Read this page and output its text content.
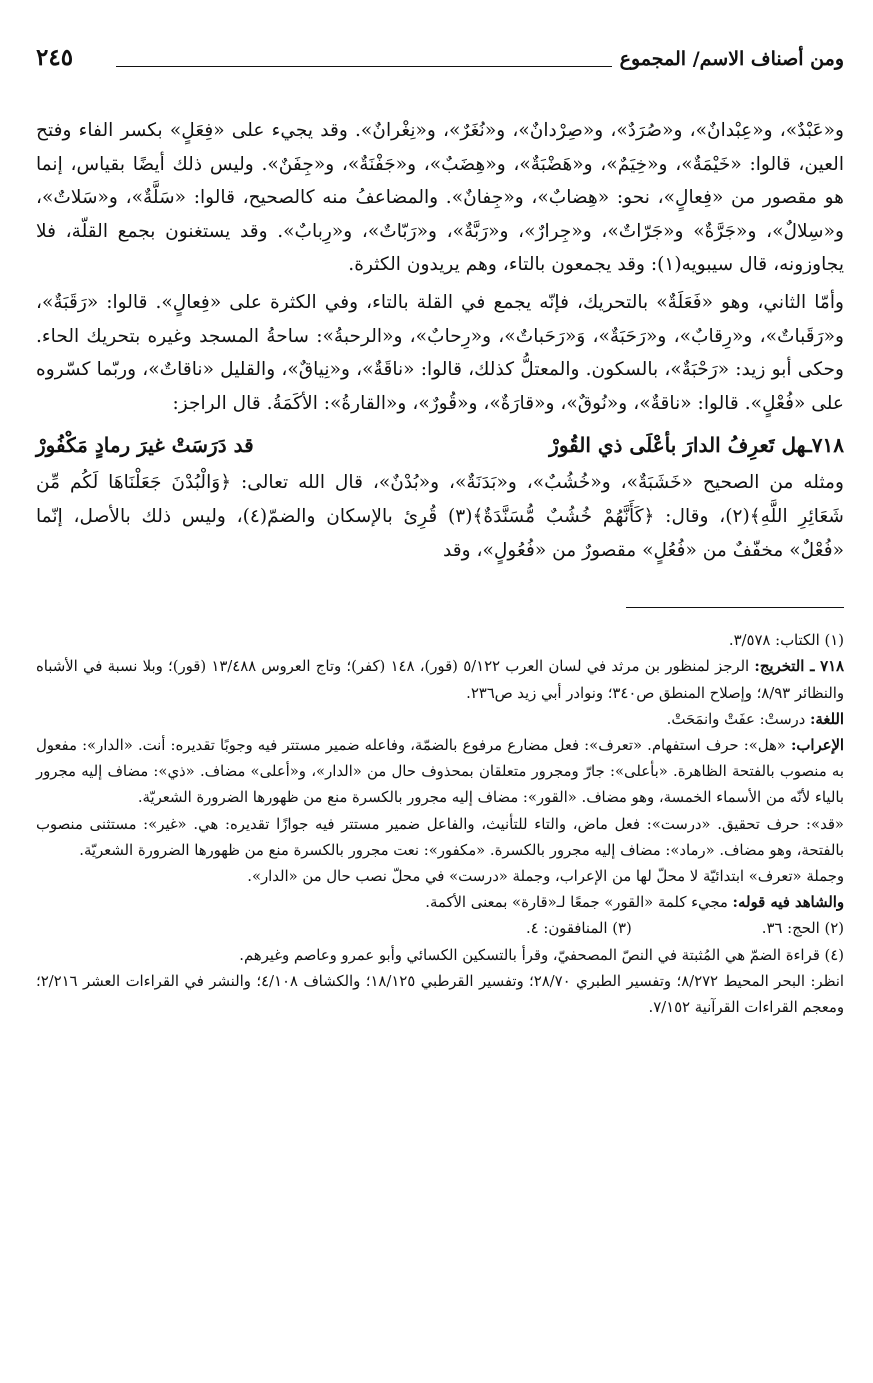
ومن أصناف الاسم/ المجموع
٢٤٥

و«عَبْدٌ»، و«عِبْدانٌ»، و«صُرَدٌ»، و«صِرْدانٌ»، و«نُغَرٌ»، و«نِغْرانٌ». وقد يجيء على «فِعَلٍ» بكسر الفاء وفتح العين، قالوا: «خَيْمَةٌ»، و«خِيَمٌ»، و«هَضْبَةٌ»، و«هِضَبٌ»، و«جَفْنَةٌ»، و«جِفَنٌ». وليس ذلك أيضًا بقياس، إنما هو مقصور من «فِعالٍ»، نحو: «هِضابٌ»، و«جِفانٌ». والمضاعفُ منه كالصحيح، قالوا: «سَلَّةٌ»، و«سَلاتٌ»، و«سِلالٌ»، و«جَرَّةٌ» و«جَرّاتٌ»، و«جِرارٌ»، و«رَبَّةٌ»، و«رَبّاتٌ»، و«رِبابٌ». وقد يستغنون بجمع القلّة، فلا يجاوزونه، قال سيبويه(١): وقد يجمعون بالتاء، وهم يريدون الكثرة.

وأمّا الثاني، وهو «فَعَلَةٌ» بالتحريك، فإنّه يجمع في القلة بالتاء، وفي الكثرة على «فِعالٍ». قالوا: «رَقَبَةٌ»، و«رَقَباتٌ»، و«رِقابٌ»، و«رَحَبَةٌ»، وَ«رَحَباتٌ»، و«رِحابٌ»، و«الرحبةُ»: ساحةُ المسجد وغيره بتحريك الحاء. وحكى أبو زيد: «رَحْبَةٌ»، بالسكون. والمعتلُّ كذلك، قالوا: «ناقَةٌ»، و«نِياقٌ»، والقليل «ناقاتٌ»، وربّما كسّروه على «فُعْلٍ». قالوا: «ناقةٌ»، و«نُوقٌ»، و«قارَةٌ»، و«قُورٌ»، و«القارةُ»: الأكَمَةُ. قال الراجز:

٧١٨ـهل تَعرِفُ الدارَ بأعْلَى ذي القُورْ
قد دَرَسَتْ غيرَ رمادٍ مَكْفُورْ

ومثله من الصحيح «خَشَبَةٌ»، و«خُشُبٌ»، و«بَدَنَةٌ»، و«بُدْنٌ»، قال الله تعالى: ﴿وَالْبُدْنَ جَعَلْنَاهَا لَكُم مِّن شَعَائِرِ اللَّهِ﴾(٢)، وقال: ﴿كَأَنَّهُمْ خُشُبٌ مُّسَنَّدَةٌ﴾(٣) قُرِئ بالإسكان والضمّ(٤)، وليس ذلك بالأصل، إنّما «فُعْلٌ» مخفّفٌ من «فُعُلٍ» مقصورٌ من «فُعُولٍ»، وقد

(١) الكتاب: ٣/٥٧٨.

٧١٨ ـ التخريج: الرجز لمنظور بن مرثد في لسان العرب ٥/١٢٢ (قور)، ١٤٨ (كفر)؛ وتاج العروس ١٣/٤٨٨ (قور)؛ وبلا نسبة في الأشباه والنظائر ٨/٩٣؛ وإصلاح المنطق ص٣٤٠؛ ونوادر أبي زيد ص٢٣٦.

اللغة: درستْ: عفَتْ وانمَحَتْ.

الإعراب: «هل»: حرف استفهام. «تعرف»: فعل مضارع مرفوع بالضمّة، وفاعله ضمير مستتر فيه وجوبًا تقديره: أنت. «الدار»: مفعول به منصوب بالفتحة الظاهرة. «بأعلى»: جارّ ومجرور متعلقان بمحذوف حال من «الدار»، و«أعلى» مضاف. «ذي»: مضاف إليه مجرور بالياء لأنّه من الأسماء الخمسة، وهو مضاف. «القور»: مضاف إليه مجرور بالكسرة منع من ظهورها الضرورة الشعريّة.

«قد»: حرف تحقيق. «درست»: فعل ماض، والتاء للتأنيث، والفاعل ضمير مستتر فيه جوازًا تقديره: هي. «غير»: مستثنى منصوب بالفتحة، وهو مضاف. «رماد»: مضاف إليه مجرور بالكسرة. «مكفور»: نعت مجرور بالكسرة منع من ظهورها الضرورة الشعريّة.

وجملة «تعرف» ابتدائيّة لا محلّ لها من الإعراب، وجملة «درست» في محلّ نصب حال من «الدار».

والشاهد فيه قوله: مجيء كلمة «القور» جمعًا لـ«قارة» بمعنى الأكمة.

(٢) الحج: ٣٦.
(٣) المنافقون: ٤.

(٤) قراءة الضمّ هي المُثبتة في النصّ المصحفيّ، وقرأ بالتسكين الكسائي وأبو عمرو وعاصم وغيرهم.

انظر: البحر المحيط ٨/٢٧٢؛ وتفسير الطبري ٢٨/٧٠؛ وتفسير القرطبي ١٨/١٢٥؛ والكشاف ٤/١٠٨؛ والنشر في القراءات العشر ٢/٢١٦؛ ومعجم القراءات القرآنية ٧/١٥٢.
